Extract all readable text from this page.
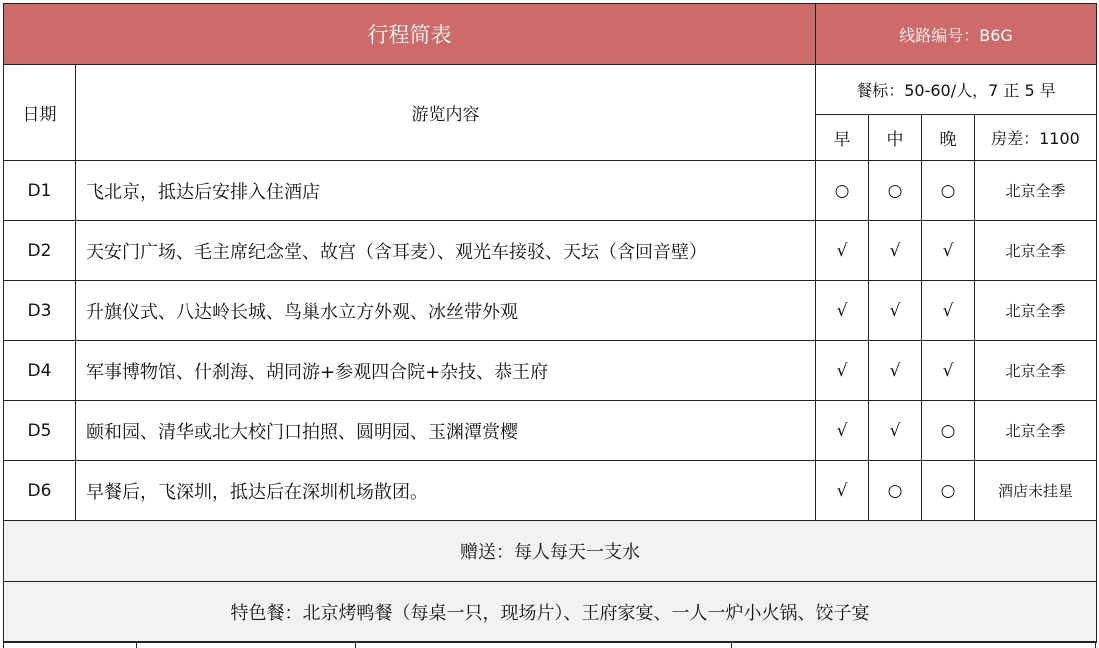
行程简表		线路编号：B6G			
日期	游览内容	餐标：50-60/人，7 正 5 早			
		早	中	晚	房差：1100
D1	飞北京，抵达后安排入住酒店	○	○	○	北京全季
D2	天安门广场、毛主席纪念堂、故宫（含耳麦）、观光车接驳、天坛（含回音壁）	√	√	√	北京全季
D3	升旗仪式、八达岭长城、鸟巢水立方外观、冰丝带外观	√	√	√	北京全季
D4	军事博物馆、什刹海、胡同游+参观四合院+杂技、恭王府	√	√	√	北京全季
D5	颐和园、清华或北大校门口拍照、圆明园、玉渊潭赏樱	√	√	○	北京全季
D6	早餐后，飞深圳，抵达后在深圳机场散团。	√	○	○	酒店未挂星
赠送：每人每天一支水					
特色餐：北京烤鸭餐（每桌一只，现场片）、王府家宴、一人一炉小火锅、饺子宴					
